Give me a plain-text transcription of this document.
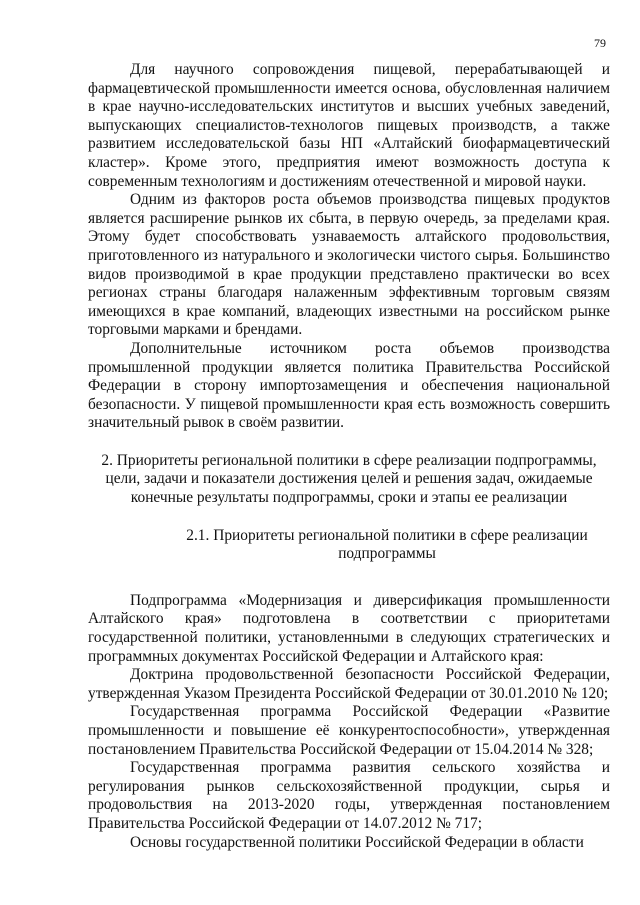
79

Для научного сопровождения пищевой, перерабатывающей и фармацевтической промышленности имеется основа, обусловленная наличием в крае научно-исследовательских институтов и высших учебных заведений, выпускающих специалистов-технологов пищевых производств, а также развитием исследовательской базы НП «Алтайский биофармацевтический кластер». Кроме этого, предприятия имеют возможность доступа к современным технологиям и достижениям отечественной и мировой науки.

Одним из факторов роста объемов производства пищевых продуктов является расширение рынков их сбыта, в первую очередь, за пределами края. Этому будет способствовать узнаваемость алтайского продовольствия, приготовленного из натурального и экологически чистого сырья. Большинство видов производимой в крае продукции представлено практически во всех регионах страны благодаря налаженным эффективным торговым связям имеющихся в крае компаний, владеющих известными на российском рынке торговыми марками и брендами.

Дополнительные источником роста объемов производства промышленной продукции является политика Правительства Российской Федерации в сторону импортозамещения и обеспечения национальной безопасности. У пищевой промышленности края есть возможность совершить значительный рывок в своём развитии.

2. Приоритеты региональной политики в сфере реализации подпрограммы, цели, задачи и показатели достижения целей и решения задач, ожидаемые конечные результаты подпрограммы, сроки и этапы ее реализации

2.1. Приоритеты региональной политики в сфере реализации подпрограммы

Подпрограмма «Модернизация и диверсификация промышленности Алтайского края» подготовлена в соответствии с приоритетами государственной политики, установленными в следующих стратегических и программных документах Российской Федерации и Алтайского края:

Доктрина продовольственной безопасности Российской Федерации, утвержденная Указом Президента Российской Федерации от 30.01.2010 № 120;

Государственная программа Российской Федерации «Развитие промышленности и повышение её конкурентоспособности», утвержденная постановлением Правительства Российской Федерации от 15.04.2014 № 328;

Государственная программа развития сельского хозяйства и регулирования рынков сельскохозяйственной продукции, сырья и продовольствия на 2013-2020 годы, утвержденная постановлением Правительства Российской Федерации от 14.07.2012 № 717;

Основы государственной политики Российской Федерации в области
